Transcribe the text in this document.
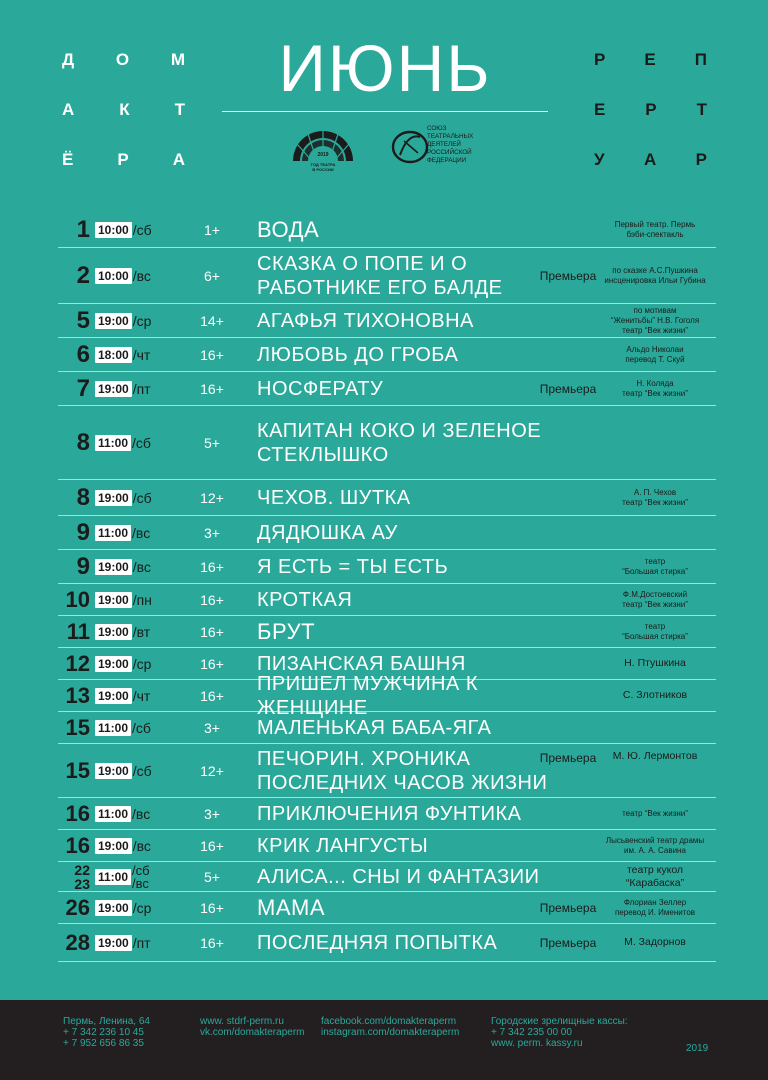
Д О М
А	К	Т
Ё Р А
Р Е П
Е Р Т
У А Р
ИЮНЬ
2019
ГОД ТЕАТРА
В РОССИИ
СОЮЗ
ТЕАТРАЛЬНЫХ
ДЕЯТЕЛЕЙ
РОССИЙСКОЙ
ФЕДЕРАЦИИ
1 10:00 /сб	1+	ВОДА	Первый театр. Пермь
бэби-спектакль
2 10:00 /вс	6+
СКАЗКА О ПОПЕ И О РАБОТНИКЕ ЕГО БАЛДЕ
Премьера	по сказке А.С.Пушкина
инсценировка Ильи Губина
5 19:00 /ср	14+	АГАФЬЯ ТИХОНОВНА	по мотивам
“Женитьбы” Н.В. Гоголя
театр “Век жизни”
6 18:00 /чт	16+	ЛЮБОВЬ ДО ГРОБА	Альдо Николаи
перевод Т. Скуй
7 19:00 /пт	16+	НОСФЕРАТУ	Премьера	Н. Коляда
театр “Век жизни”
8 11:00 /сб	5+
КАПИТАН КОКО И ЗЕЛЕНОЕ СТЕКЛЫШКО
8 19:00 /сб	12+	ЧЕХОВ. ШУТКА	А. П. Чехов
театр “Век жизни”
9 11:00 /вс	3+	ДЯДЮШКА АУ
9 19:00 /вс	16+	Я ЕСТЬ = ТЫ ЕСТЬ	театр
“Большая стирка”
10 19:00 /пн	16+	КРОТКАЯ	Ф.М.Достоевский
театр “Век жизни”
11 19:00 /вт	16+	БРУТ	театр
“Большая стирка”
12 19:00 /ср	16+	ПИЗАНСКАЯ БАШНЯ	Н. Птушкина
13 19:00 /чт	16+
ПРИШЕЛ МУЖЧИНА К ЖЕНЩИНЕ
С. Злотников
15 11:00 /сб	3+	МАЛЕНЬКАЯ БАБА-ЯГА
15 19:00 /сб	12+
ПЕЧОРИН. ХРОНИКА ПОСЛЕДНИХ ЧАСОВ ЖИЗНИ
Премьера	М. Ю. Лермонтов
16 11:00 /вс	3+	ПРИКЛЮЧЕНИЯ ФУНТИКА	театр “Век жизни”
16 19:00 /вс	16+	КРИК ЛАНГУСТЫ	Лысьвенский театр драмы
им. А. А. Савина
22
23 11:00 /сб
/вс	5+	АЛИСА... СНЫ И ФАНТАЗИИ	театр кукол
“Карабаска”
26 19:00 /ср	16+	МАМА	Премьера	Флориан Зеллер
перевод И. Именитов
28 19:00 /пт	16+	ПОСЛЕДНЯЯ ПОПЫТКА	Премьера	М. Задорнов
Пермь, Ленина, 64
+ 7 342 236 10 45
+ 7 952 656 86 35
www. stdrf-perm.ru
vk.com/domakteraperm
facebook.com/domakteraperm
instagram.com/domakteraperm
Городские зрелищные кассы:
+ 7 342 235 00 00
www. perm. kassy.ru	2019
